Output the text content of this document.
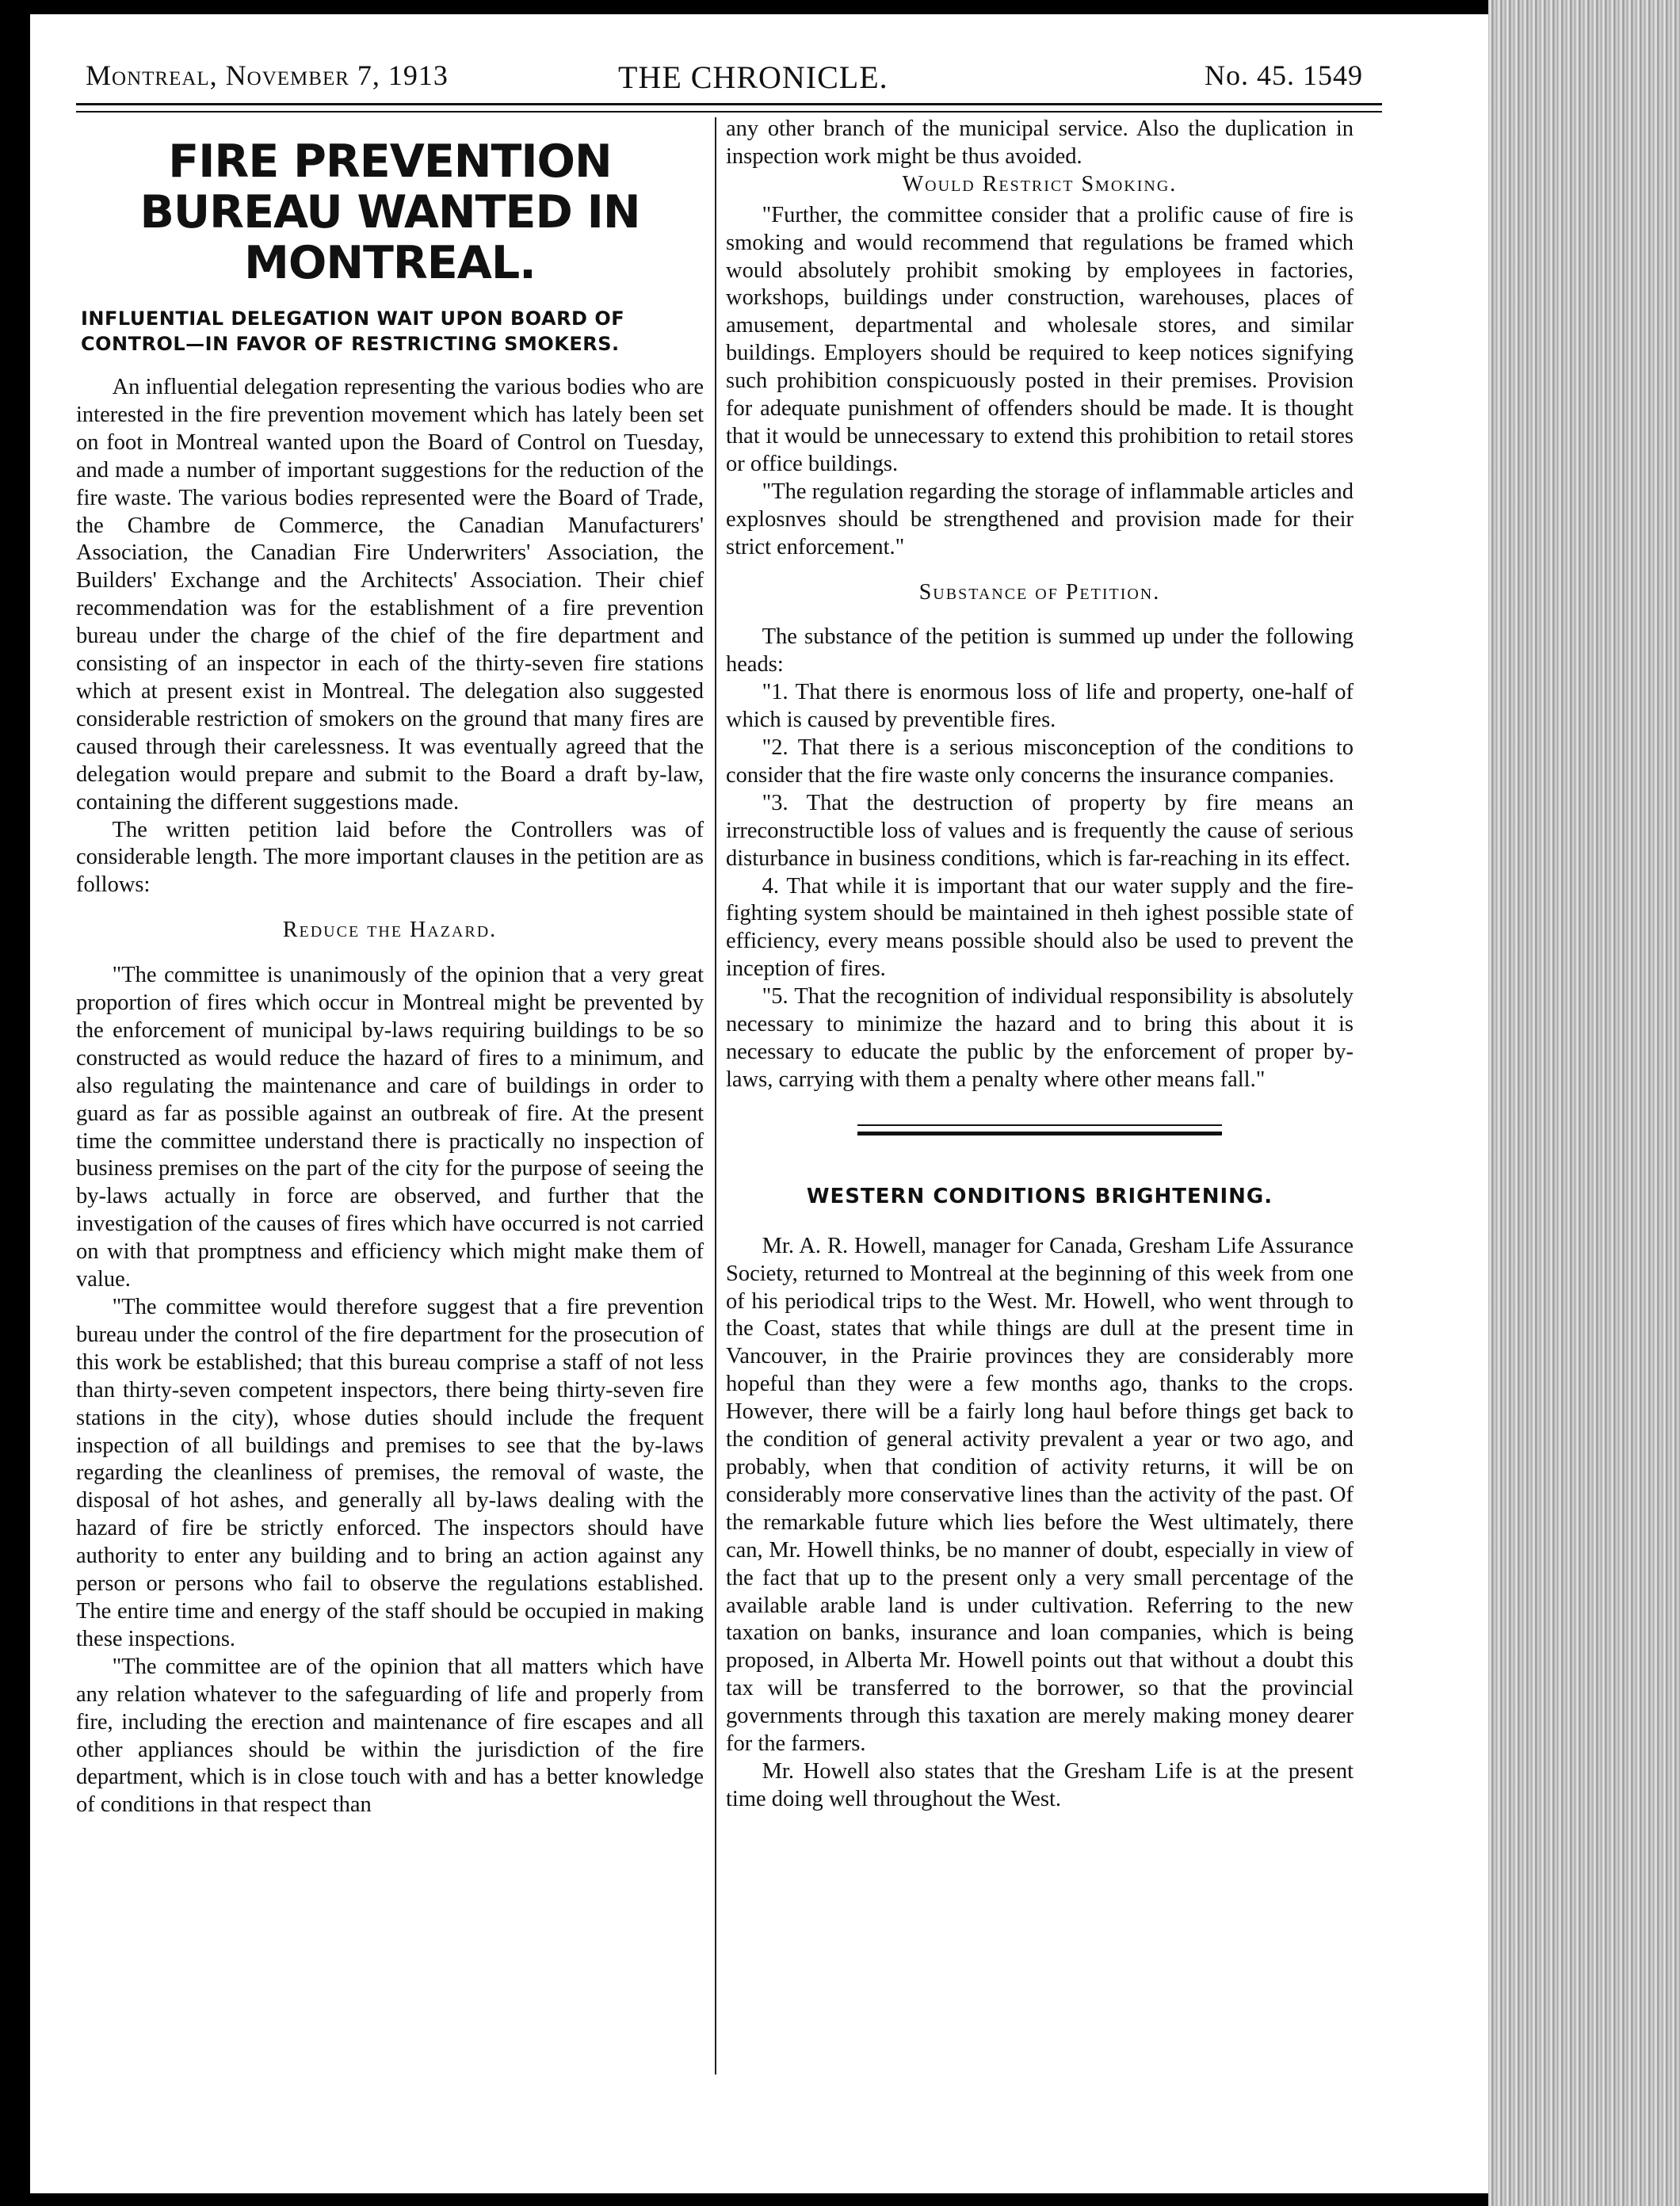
Montreal, November 7, 1913	THE CHRONICLE.	No. 45. 1549
FIRE PREVENTION BUREAU WANTED IN MONTREAL.
INFLUENTIAL DELEGATION WAIT UPON BOARD OF CONTROL—IN FAVOR OF RESTRICTING SMOKERS.

An influential delegation representing the various bodies who are interested in the fire prevention movement which has lately been set on foot in Montreal wanted upon the Board of Control on Tuesday, and made a number of important suggestions for the reduction of the fire waste. The various bodies represented were the Board of Trade, the Chambre de Commerce, the Canadian Manufacturers' Association, the Canadian Fire Underwriters' Association, the Builders' Exchange and the Architects' Association. Their chief recommendation was for the establishment of a fire prevention bureau under the charge of the chief of the fire department and consisting of an inspector in each of the thirty-seven fire stations which at present exist in Montreal. The delegation also suggested considerable restriction of smokers on the ground that many fires are caused through their carelessness. It was eventually agreed that the delegation would prepare and submit to the Board a draft by-law, containing the different suggestions made.

The written petition laid before the Controllers was of considerable length. The more important clauses in the petition are as follows:

Reduce the Hazard.

"The committee is unanimously of the opinion that a very great proportion of fires which occur in Montreal might be prevented by the enforcement of municipal by-laws requiring buildings to be so constructed as would reduce the hazard of fires to a minimum, and also regulating the maintenance and care of buildings in order to guard as far as possible against an outbreak of fire. At the present time the committee understand there is practically no inspection of business premises on the part of the city for the purpose of seeing the by-laws actually in force are observed, and further that the investigation of the causes of fires which have occurred is not carried on with that promptness and efficiency which might make them of value.

"The committee would therefore suggest that a fire prevention bureau under the control of the fire department for the prosecution of this work be established; that this bureau comprise a staff of not less than thirty-seven competent inspectors, there being thirty-seven fire stations in the city), whose duties should include the frequent inspection of all buildings and premises to see that the by-laws regarding the cleanliness of premises, the removal of waste, the disposal of hot ashes, and generally all by-laws dealing with the hazard of fire be strictly enforced. The inspectors should have authority to enter any building and to bring an action against any person or persons who fail to observe the regulations established. The entire time and energy of the staff should be occupied in making these inspections.

"The committee are of the opinion that all matters which have any relation whatever to the safeguarding of life and properly from fire, including the erection and maintenance of fire escapes and all other appliances should be within the jurisdiction of the fire department, which is in close touch with and has a better knowledge of conditions in that respect than

any other branch of the municipal service. Also the duplication in inspection work might be thus avoided.

Would Restrict Smoking.

"Further, the committee consider that a prolific cause of fire is smoking and would recommend that regulations be framed which would absolutely prohibit smoking by employees in factories, workshops, buildings under construction, warehouses, places of amusement, departmental and wholesale stores, and similar buildings. Employers should be required to keep notices signifying such prohibition conspicuously posted in their premises. Provision for adequate punishment of offenders should be made. It is thought that it would be unnecessary to extend this prohibition to retail stores or office buildings.

"The regulation regarding the storage of inflammable articles and explosnves should be strengthened and provision made for their strict enforcement."

Substance of Petition.

The substance of the petition is summed up under the following heads:

"1. That there is enormous loss of life and property, one-half of which is caused by preventible fires.

"2. That there is a serious misconception of the conditions to consider that the fire waste only concerns the insurance companies.

"3. That the destruction of property by fire means an irreconstructible loss of values and is frequently the cause of serious disturbance in business conditions, which is far-reaching in its effect.

4. That while it is important that our water supply and the fire-fighting system should be maintained in theh ighest possible state of efficiency, every means possible should also be used to prevent the inception of fires.

"5. That the recognition of individual responsibility is absolutely necessary to minimize the hazard and to bring this about it is necessary to educate the public by the enforcement of proper by-laws, carrying with them a penalty where other means fall."

WESTERN CONDITIONS BRIGHTENING.

Mr. A. R. Howell, manager for Canada, Gresham Life Assurance Society, returned to Montreal at the beginning of this week from one of his periodical trips to the West. Mr. Howell, who went through to the Coast, states that while things are dull at the present time in Vancouver, in the Prairie provinces they are considerably more hopeful than they were a few months ago, thanks to the crops. However, there will be a fairly long haul before things get back to the condition of general activity prevalent a year or two ago, and probably, when that condition of activity returns, it will be on considerably more conservative lines than the activity of the past. Of the remarkable future which lies before the West ultimately, there can, Mr. Howell thinks, be no manner of doubt, especially in view of the fact that up to the present only a very small percentage of the available arable land is under cultivation. Referring to the new taxation on banks, insurance and loan companies, which is being proposed, in Alberta Mr. Howell points out that without a doubt this tax will be transferred to the borrower, so that the provincial governments through this taxation are merely making money dearer for the farmers.

Mr. Howell also states that the Gresham Life is at the present time doing well throughout the West.
